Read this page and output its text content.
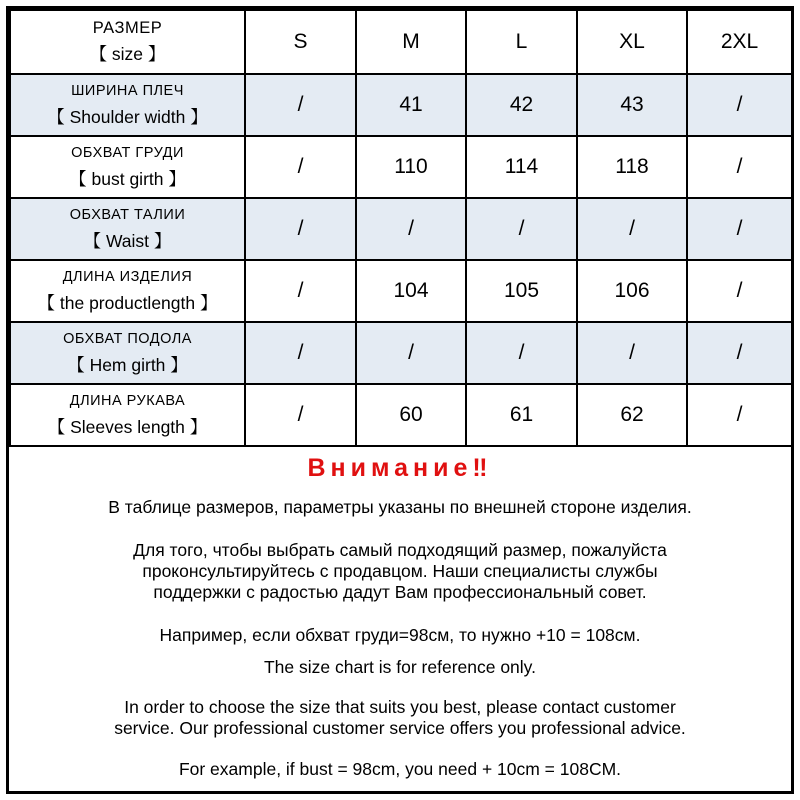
РАЗМЕР
【 size 】	S	M	L	XL	2XL

ШИРИНА ПЛЕЧ
【 Shoulder width 】	/	41	42	43	/

ОБХВАТ ГРУДИ
【 bust girth 】	/	110	114	118	/

ОБХВАТ ТАЛИИ
【 Waist 】	/	/	/	/	/

ДЛИНА ИЗДЕЛИЯ
【 the productlength 】	/	104	105	106	/

ОБХВАТ ПОДОЛА
【 Hem girth 】	/	/	/	/	/

ДЛИНА РУКАВА
【 Sleeves length 】	/	60	61	62	/
Внимание‼
В таблице размеров, параметры указаны по внешней стороне изделия.
Для того, чтобы выбрать самый подходящий размер, пожалуйста
проконсультируйтесь с продавцом. Наши специалисты службы
поддержки с радостью дадут Вам профессиональный совет.
Например, если обхват груди=98см, то нужно +10 = 108см.
The size chart is for reference only.
In order to choose the size that suits you best, please contact customer
service. Our professional customer service offers you professional advice.
For example, if bust = 98cm, you need + 10cm = 108CM.
